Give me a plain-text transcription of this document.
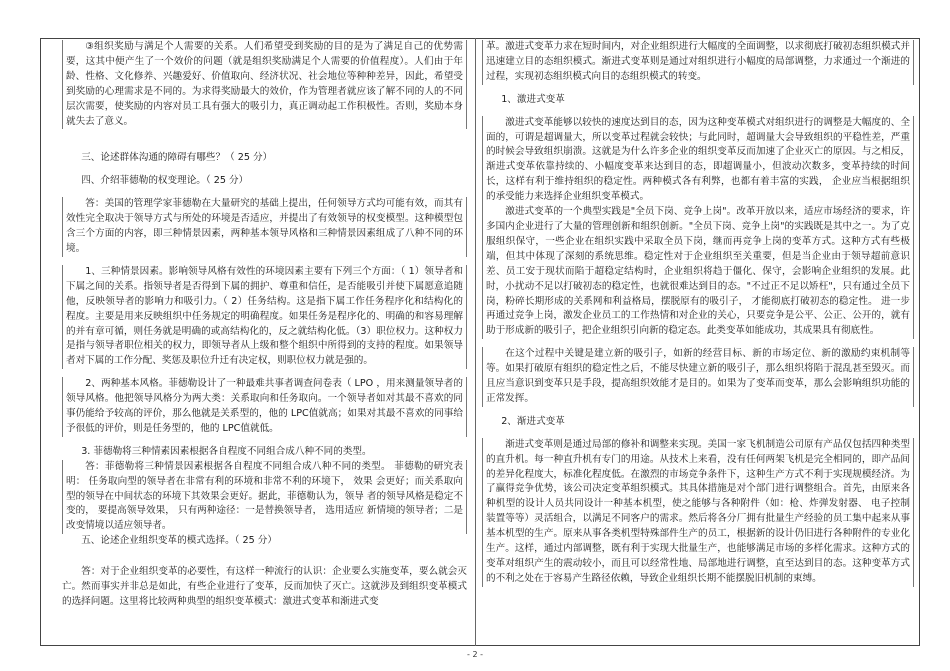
③组织奖励与满足个人需要的关系。人们希望受到奖励的目的是为了满足自己的优势需要，这其中便产生了一个效价的问题（就是组织奖励满足个人需要的价值程度）。人们由于年龄、性格、文化修养、兴趣爱好、价值取向、经济状况、社会地位等种种差异，因此，希望受到奖励的心理需求是不同的。为求得奖励最大的效价，作为管理者就应该了解不同的人的不同层次需要，使奖励的内容对员工具有强大的吸引力，真正调动起工作积极性。否则，奖励本身就失去了意义。

三、论述群体沟通的障碍有哪些？（ 25 分）

四、介绍菲德勒的权变理论。（ 25 分）

答：美国的管理学家菲德勒在大量研究的基础上提出，任何领导方式均可能有效，而其有效性完全取决于领导方式与所处的环境是否适应，并提出了有效领导的权变模型。这种模型包含三个方面的内容，即三种情景因素，两种基本领导风格和三种情景因素组成了八种不同的环境。

1、三种情景因素。影响领导风格有效性的环境因素主要有下列三个方面：（ 1）领导者和下属之间的关系。指领导者是否得到下属的拥护、尊重和信任，是否能吸引并使下属愿意追随他，反映领导者的影响力和吸引力。（ 2）任务结构。这是指下属工作任务程序化和结构化的程度。主要是用来反映组织中任务规定的明确程度。如果任务是程序化的、明确的和容易理解的并有章可循，则任务就是明确的或高结构化的，反之就结构化低。（3）职位权力。这种权力是指与领导者职位相关的权力，即领导者从上级和整个组织中所得到的支持的程度。如果领导者对下属的工作分配、奖惩及职位升迁有决定权，则职位权力就是强的。

2、两种基本风格。菲德勒设计了一种最难共事者调查问卷表（ LPO ，用来测量领导者的领导风格。他把领导风格分为两大类：关系取向和任务取向。一个领导者如对其最不喜欢的同事仍能给予较高的评价，那么他就是关系型的，他的 LPC值就高；如果对其最不喜欢的同事给予很低的评价，则是任务型的，他的 LPC值就低。

3. 菲德勒将三种情素因素根据各自程度不同组合成八种不同的类型。

答：菲德勒将三种情景因素根据各自程度不同组合成八种不同的类型。 菲德勒的研究表明： 任务取向型的领导者在非常有利的环境和非常不利的环境下， 效果 会更好；而关系取向型的领导在中间状态的环境下其效果会更好。据此，菲德勒认为，领导 者的领导风格是稳定不变的， 要提高领导效果， 只有两种途径：一是替换领导者， 选用适应 新情境的领导者；二是改变情境以适应领导者。

五、论述企业组织变革的模式选择。（ 25 分）

答：对于企业组织变革的必要性，有这样一种流行的认识：企业要么实施变革，要么就会灭亡。然而事实并非总是如此，有些企业进行了变革，反而加快了灭亡。这就涉及到组织变革模式的选择问题。这里将比较两种典型的组织变革模式：激进式变革和渐进式变

革。激进式变革力求在短时间内，对企业组织进行大幅度的全面调整，以求彻底打破初态组织模式并迅速建立目的态组织模式。渐进式变革则是通过对组织进行小幅度的局部调整，力求通过一个渐进的过程，实现初态组织模式向目的态组织模式的转变。

1、激进式变革

激进式变革能够以较快的速度达到目的态，因为这种变革模式对组织进行的调整是大幅度的、全面的，可谓是超调量大，所以变革过程就会较快；与此同时，超调量大会导致组织的平稳性差，严重的时候会导致组织崩溃。这就是为什么许多企业的组织变革反而加速了企业灭亡的原因。与之相反，渐进式变革依靠持续的、小幅度变革来达到目的态，即超调量小，但波动次数多，变革持续的时间长，这样有利于维持组织的稳定性。两种模式各有利弊，也都有着丰富的实践， 企业应当根据组织的承受能力来选择企业组织变革模式。

激进式变革的一个典型实践是"全员下岗、竞争上岗"。改革开放以来，适应市场经济的要求，许多国内企业进行了大量的管理创新和组织创新。"全员下岗、竞争上岗"的实践既是其中之一。为了克服组织保守，一些企业在组织实践中采取全员下岗，继而再竞争上岗的变革方式。这种方式有些极端，但其中体现了深刻的系统思维。稳定性对于企业组织至关重要，但是当企业由于领导超前意识差、员工安于现状而陷于超稳定结构时，企业组织将趋于僵化、保守，会影响企业组织的发展。此时，小扰动不足以打破初态的稳定性，也就很难达到目的态。"不过正不足以矫枉"，只有通过全员下岗，粉碎长期形成的关系网和利益格局，摆脱原有的吸引子， 才能彻底打破初态的稳定性。 进一步再通过竞争上岗，激发企业员工的工作热情和对企业的关心，只要竞争是公平、公正、公开的，就有助于形成新的吸引子，把企业组织引向新的稳定态。此类变革如能成功，其成果具有彻底性。

在这个过程中关键是建立新的吸引子，如新的经营目标、新的市场定位、新的激励约束机制等等。如果打破原有组织的稳定性之后，不能尽快建立新的吸引子，那么组织将陷于混乱甚至毁灭。而且应当意识到变革只是手段，提高组织效能才是目的。如果为了变革而变革，那么会影响组织功能的正常发挥。

2、渐进式变革

渐进式变革则是通过局部的修补和调整来实现。美国一家飞机制造公司原有产品仅包括四种类型的直升机。每一种直升机有专门的用途。从技术上来看，没有任何两架飞机是完全相同的，即产品间的差异化程度大，标准化程度低。在激烈的市场竞争条件下，这种生产方式不利于实现规模经济。为了赢得竞争优势，该公司决定变革组织模式。其具体措施是对个部门进行调整组合。首先，由原来各种机型的设计人员共同设计一种基本机型，使之能够与各种附件（如：枪、炸弹发射器、 电子控制装置等等）灵活组合，以满足不同客户的需求。然后将各分厂拥有批量生产经验的员工集中起来从事基本机型的生产。原来从事各类机型特殊部件生产的员工，根据新的设计仍旧进行各种附件的专业化生产。这样，通过内部调整，既有利于实现大批量生产，也能够满足市场的多样化需求。这种方式的变革对组织产生的震动较小，而且可以经常性地、局部地进行调整，直至达到目的态。这种变革方式的不利之处在于容易产生路径依赖，导致企业组织长期不能摆脱旧机制的束缚。

- 2 -
